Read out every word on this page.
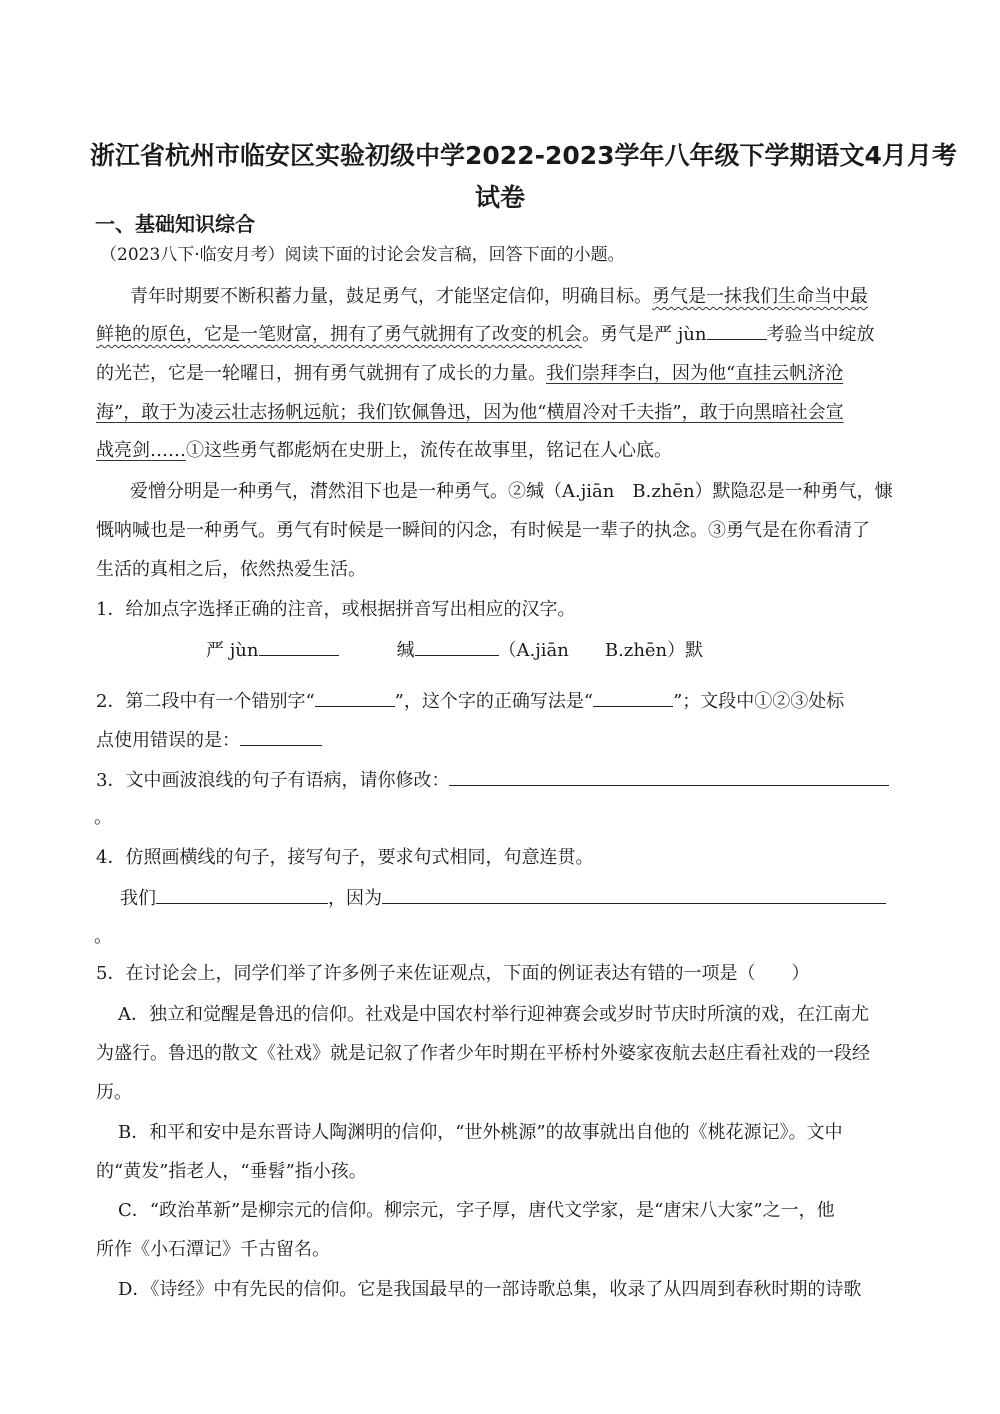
浙江省杭州市临安区实验初级中学2022-2023学年八年级下学期语文4月月考
试卷
一、基础知识综合
（2023八下·临安月考）阅读下面的讨论会发言稿，回答下面的小题。
青年时期要不断积蓄力量，鼓足勇气，才能坚定信仰，明确目标。勇气是一抹我们生命当中最
鲜艳的原色，它是一笔财富，拥有了勇气就拥有了改变的机会。勇气是严 jùn	考验当中绽放
的光芒，它是一轮曜日，拥有勇气就拥有了成长的力量。我们崇拜李白，因为他“直挂云帆济沧
海”，敢于为凌云壮志扬帆远航；我们钦佩鲁迅，因为他“横眉冷对千夫指”，敢于向黑暗社会宣
战亮剑……①这些勇气都彪炳在史册上，流传在故事里，铭记在人心底。
爱憎分明是一种勇气，潸然泪下也是一种勇气。②缄（A.jiān　B.zhēn）默隐忍是一种勇气，慷
慨呐喊也是一种勇气。勇气有时候是一瞬间的闪念，有时候是一辈子的执念。③勇气是在你看清了
生活的真相之后，依然热爱生活。
1．给加点字选择正确的注音，或根据拼音写出相应的汉字。
严 jùn	缄	（A.jiān　　B.zhēn）默
2．第二段中有一个错别字“	”，这个字的正确写法是“	”；文段中①②③处标
点使用错误的是：
3．文中画波浪线的句子有语病，请你修改：
。
4．仿照画横线的句子，接写句子，要求句式相同，句意连贯。
我们	，因为
。
5．在讨论会上，同学们举了许多例子来佐证观点，下面的例证表达有错的一项是（　　）
A．独立和觉醒是鲁迅的信仰。社戏是中国农村举行迎神赛会或岁时节庆时所演的戏，在江南尤
为盛行。鲁迅的散文《社戏》就是记叙了作者少年时期在平桥村外婆家夜航去赵庄看社戏的一段经
历。
B．和平和安中是东晋诗人陶渊明的信仰，“世外桃源”的故事就出自他的《桃花源记》。文中
的“黄发”指老人，“垂髫”指小孩。
C．“政治革新”是柳宗元的信仰。柳宗元，字子厚，唐代文学家，是“唐宋八大家”之一，他
所作《小石潭记》千古留名。
D．《诗经》中有先民的信仰。它是我国最早的一部诗歌总集，收录了从四周到春秋时期的诗歌
